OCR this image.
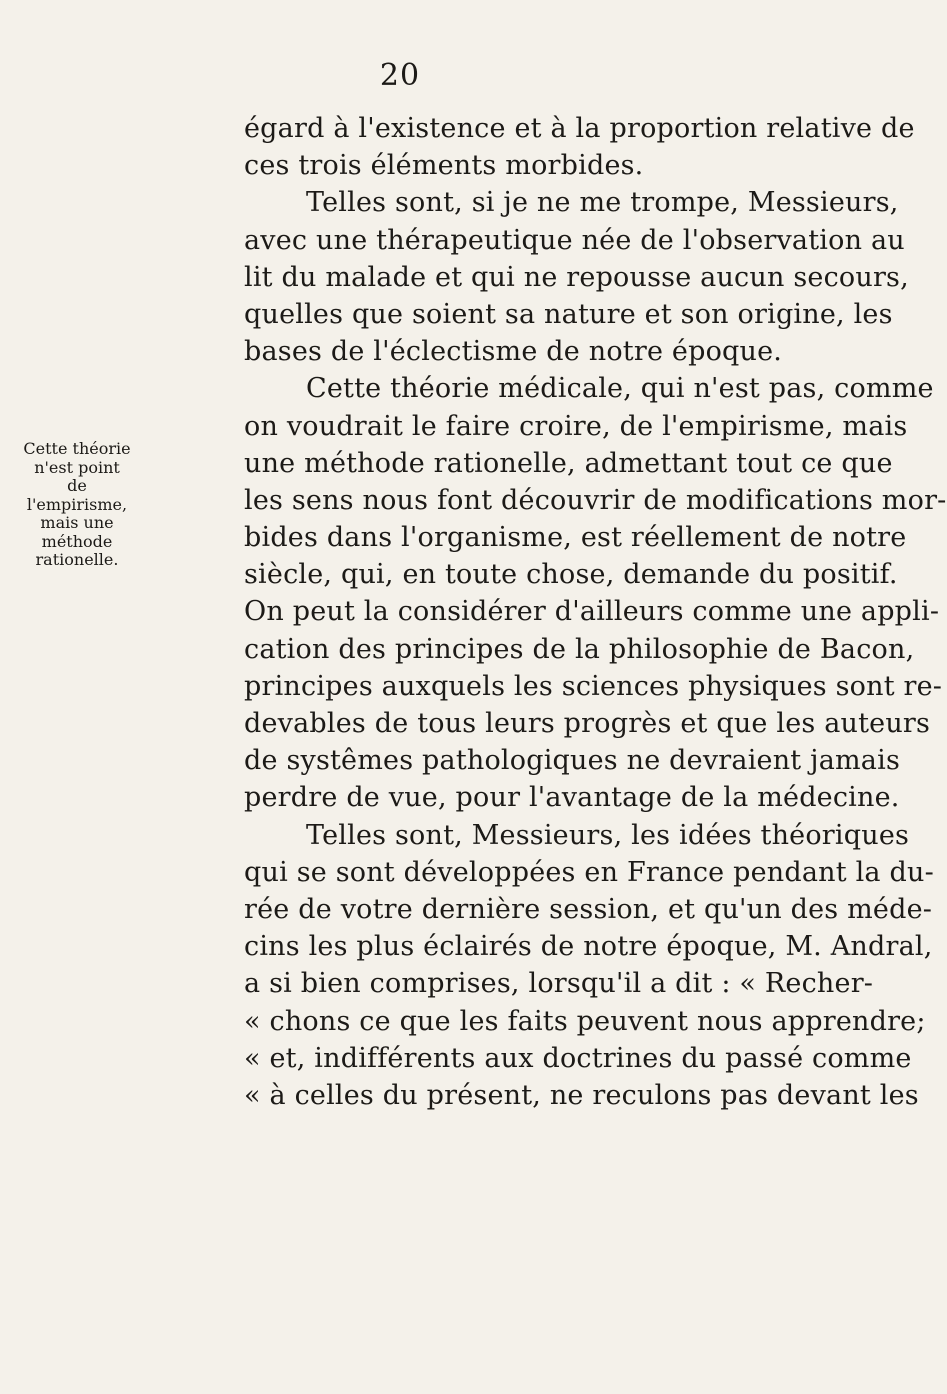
20
Cette théorie
n'est point
de
l'empirisme,
mais une
méthode
rationelle.
égard à l'existence et à la proportion relative de
ces trois éléments morbides.
Telles sont, si je ne me trompe, Messieurs,
avec une thérapeutique née de l'observation au
lit du malade et qui ne repousse aucun secours,
quelles que soient sa nature et son origine, les
bases de l'éclectisme de notre époque.
Cette théorie médicale, qui n'est pas, comme
on voudrait le faire croire, de l'empirisme, mais
une méthode rationelle, admettant tout ce que
les sens nous font découvrir de modifications mor-
bides dans l'organisme, est réellement de notre
siècle, qui, en toute chose, demande du positif.
On peut la considérer d'ailleurs comme une appli-
cation des principes de la philosophie de Bacon,
principes auxquels les sciences physiques sont re-
devables de tous leurs progrès et que les auteurs
de systêmes pathologiques ne devraient jamais
perdre de vue, pour l'avantage de la médecine.
Telles sont, Messieurs, les idées théoriques
qui se sont développées en France pendant la du-
rée de votre dernière session, et qu'un des méde-
cins les plus éclairés de notre époque, M. Andral,
a si bien comprises, lorsqu'il a dit : « Recher-
« chons ce que les faits peuvent nous apprendre;
« et, indifférents aux doctrines du passé comme
« à celles du présent, ne reculons pas devant les
